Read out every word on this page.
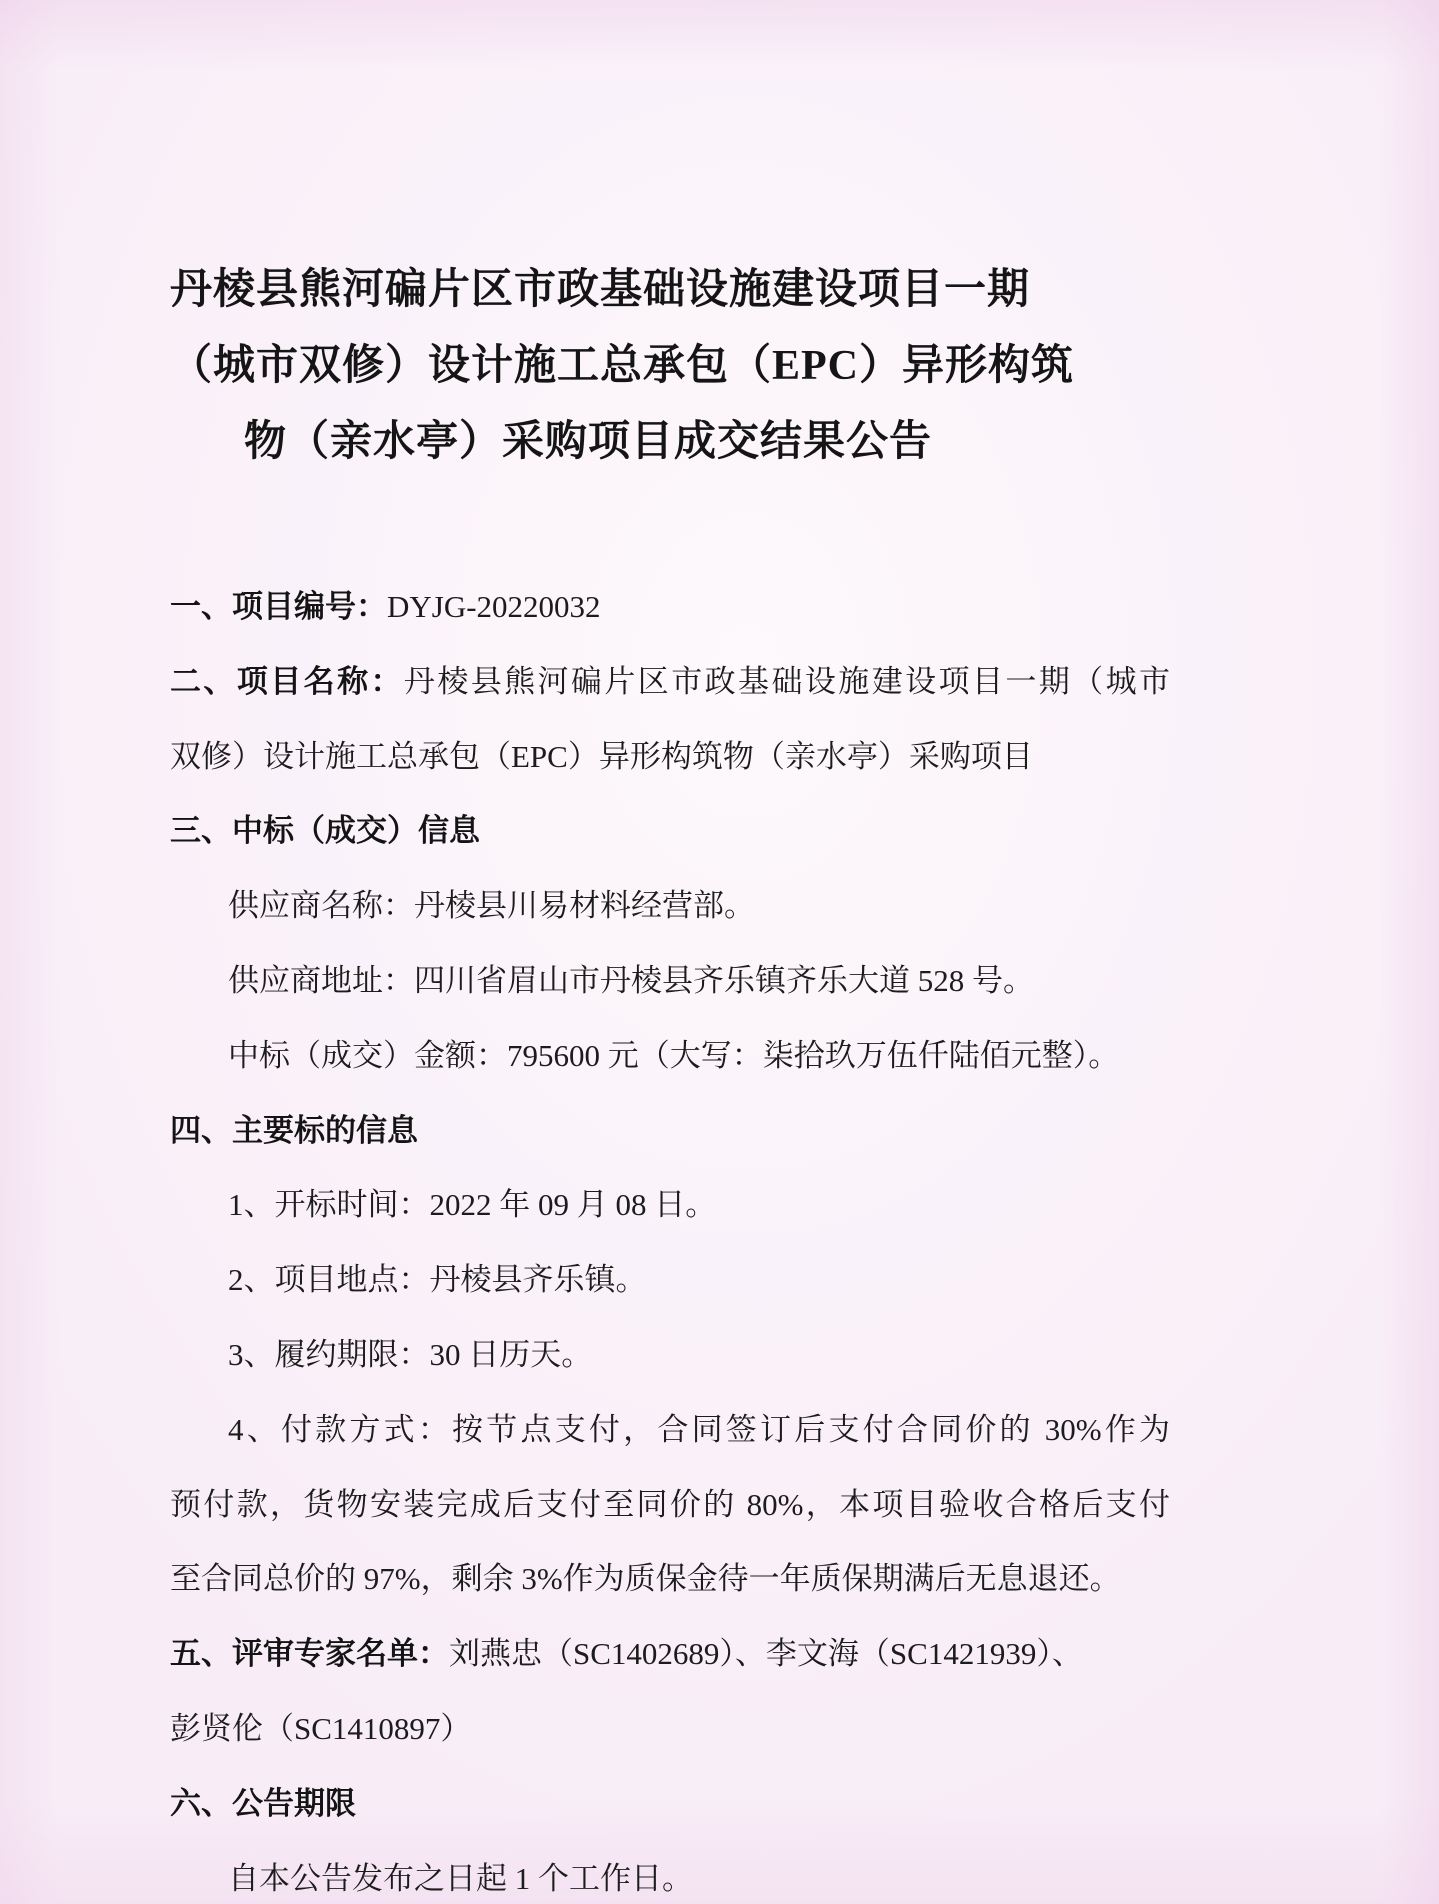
丹棱县熊河碥片区市政基础设施建设项目一期
（城市双修）设计施工总承包（EPC）异形构筑
物（亲水亭）采购项目成交结果公告
一、项目编号：DYJG-20220032
二、项目名称：丹棱县熊河碥片区市政基础设施建设项目一期（城市
双修）设计施工总承包（EPC）异形构筑物（亲水亭）采购项目
三、中标（成交）信息
供应商名称：丹棱县川易材料经营部。
供应商地址：四川省眉山市丹棱县齐乐镇齐乐大道 528 号。
中标（成交）金额：795600 元（大写：柒拾玖万伍仟陆佰元整）。
四、主要标的信息
1、开标时间：2022 年 09 月 08 日。
2、项目地点：丹棱县齐乐镇。
3、履约期限：30 日历天。
4、付款方式：按节点支付，合同签订后支付合同价的 30%作为
预付款，货物安装完成后支付至同价的 80%，本项目验收合格后支付
至合同总价的 97%，剩余 3%作为质保金待一年质保期满后无息退还。
五、评审专家名单：刘燕忠（SC1402689）、李文海（SC1421939）、
彭贤伦（SC1410897）
六、公告期限
自本公告发布之日起 1 个工作日。
